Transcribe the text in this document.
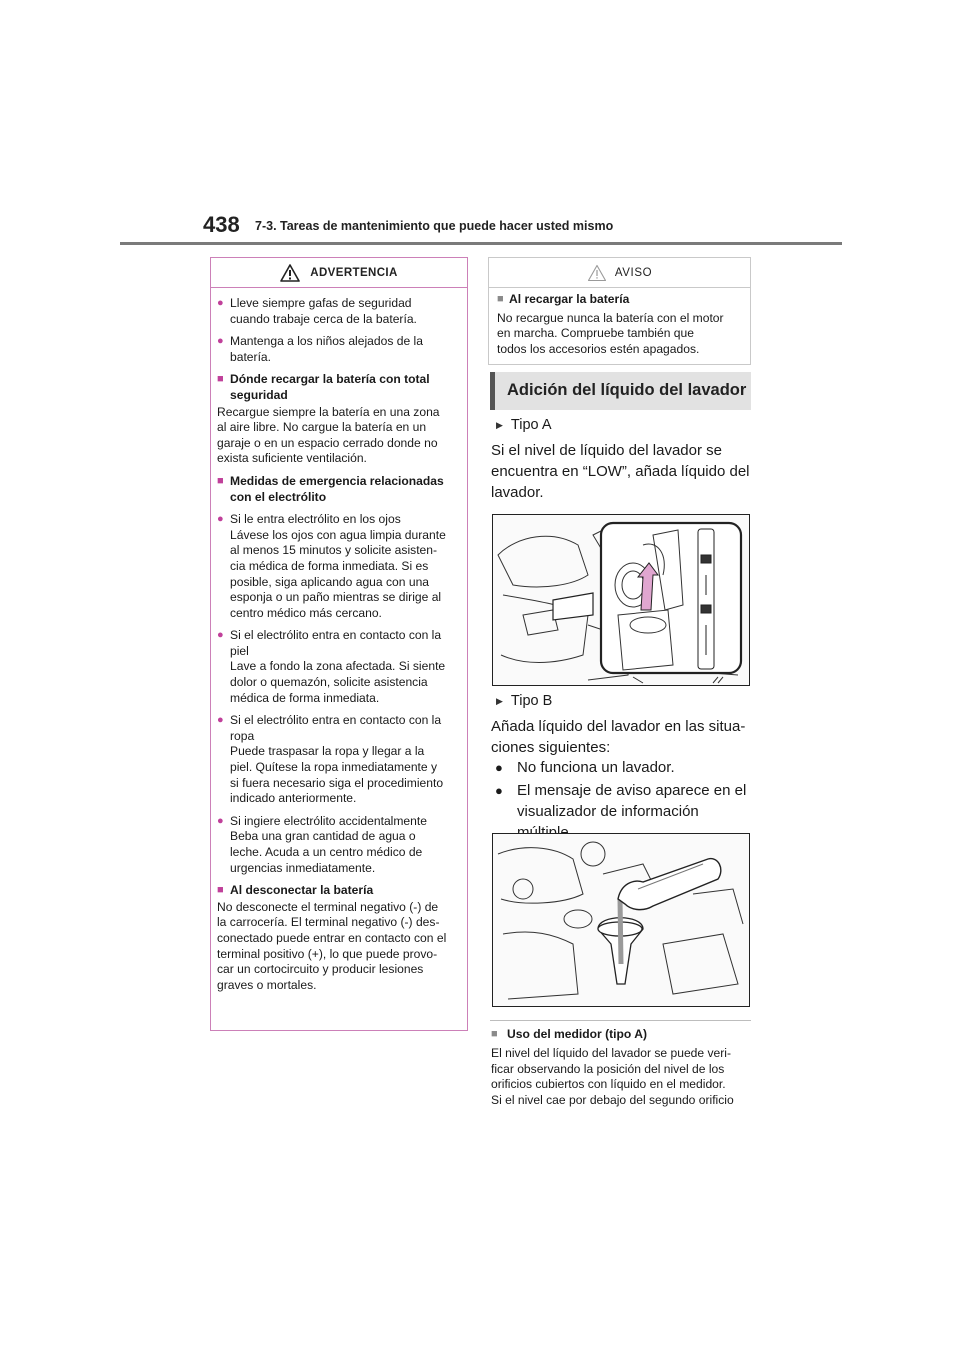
438 7-3. Tareas de mantenimiento que puede hacer usted mismo
ADVERTENCIA
● Lleve siempre gafas de seguridad
cuando trabaje cerca de la batería.
● Mantenga a los niños alejados de la
batería.
■ Dónde recargar la batería con total
seguridad
Recargue siempre la batería en una zona
al aire libre. No cargue la batería en un
garaje o en un espacio cerrado donde no
exista suficiente ventilación.
■ Medidas de emergencia relacionadas
con el electrólito
● Si le entra electrólito en los ojos
Lávese los ojos con agua limpia durante
al menos 15 minutos y solicite asisten-
cia médica de forma inmediata. Si es
posible, siga aplicando agua con una
esponja o un paño mientras se dirige al
centro médico más cercano.
● Si el electrólito entra en contacto con la
piel
Lave a fondo la zona afectada. Si siente
dolor o quemazón, solicite asistencia
médica de forma inmediata.
● Si el electrólito entra en contacto con la
ropa
Puede traspasar la ropa y llegar a la
piel. Quítese la ropa inmediatamente y
si fuera necesario siga el procedimiento
indicado anteriormente.
● Si ingiere electrólito accidentalmente
Beba una gran cantidad de agua o
leche. Acuda a un centro médico de
urgencias inmediatamente.
■ Al desconectar la batería
No desconecte el terminal negativo (-) de
la carrocería. El terminal negativo (-) des-
conectado puede entrar en contacto con el
terminal positivo (+), lo que puede provo-
car un cortocircuito y producir lesiones
graves o mortales.
AVISO
■ Al recargar la batería
No recargue nunca la batería con el motor
en marcha. Compruebe también que
todos los accesorios estén apagados.
Adición del líquido del lavador
▶ Tipo A
Si el nivel de líquido del lavador se
encuentra en “LOW”, añada líquido del
lavador.
▶ Tipo B
Añada líquido del lavador en las situa-
ciones siguientes:
● No funciona un lavador.
● El mensaje de aviso aparece en el
visualizador de información
■ Uso del medidor (tipo A)
El nivel del líquido del lavador se puede veri-
ficar observando la posición del nivel de los
orificios cubiertos con líquido en el medidor.
Si el nivel cae por debajo del segundo orificio
